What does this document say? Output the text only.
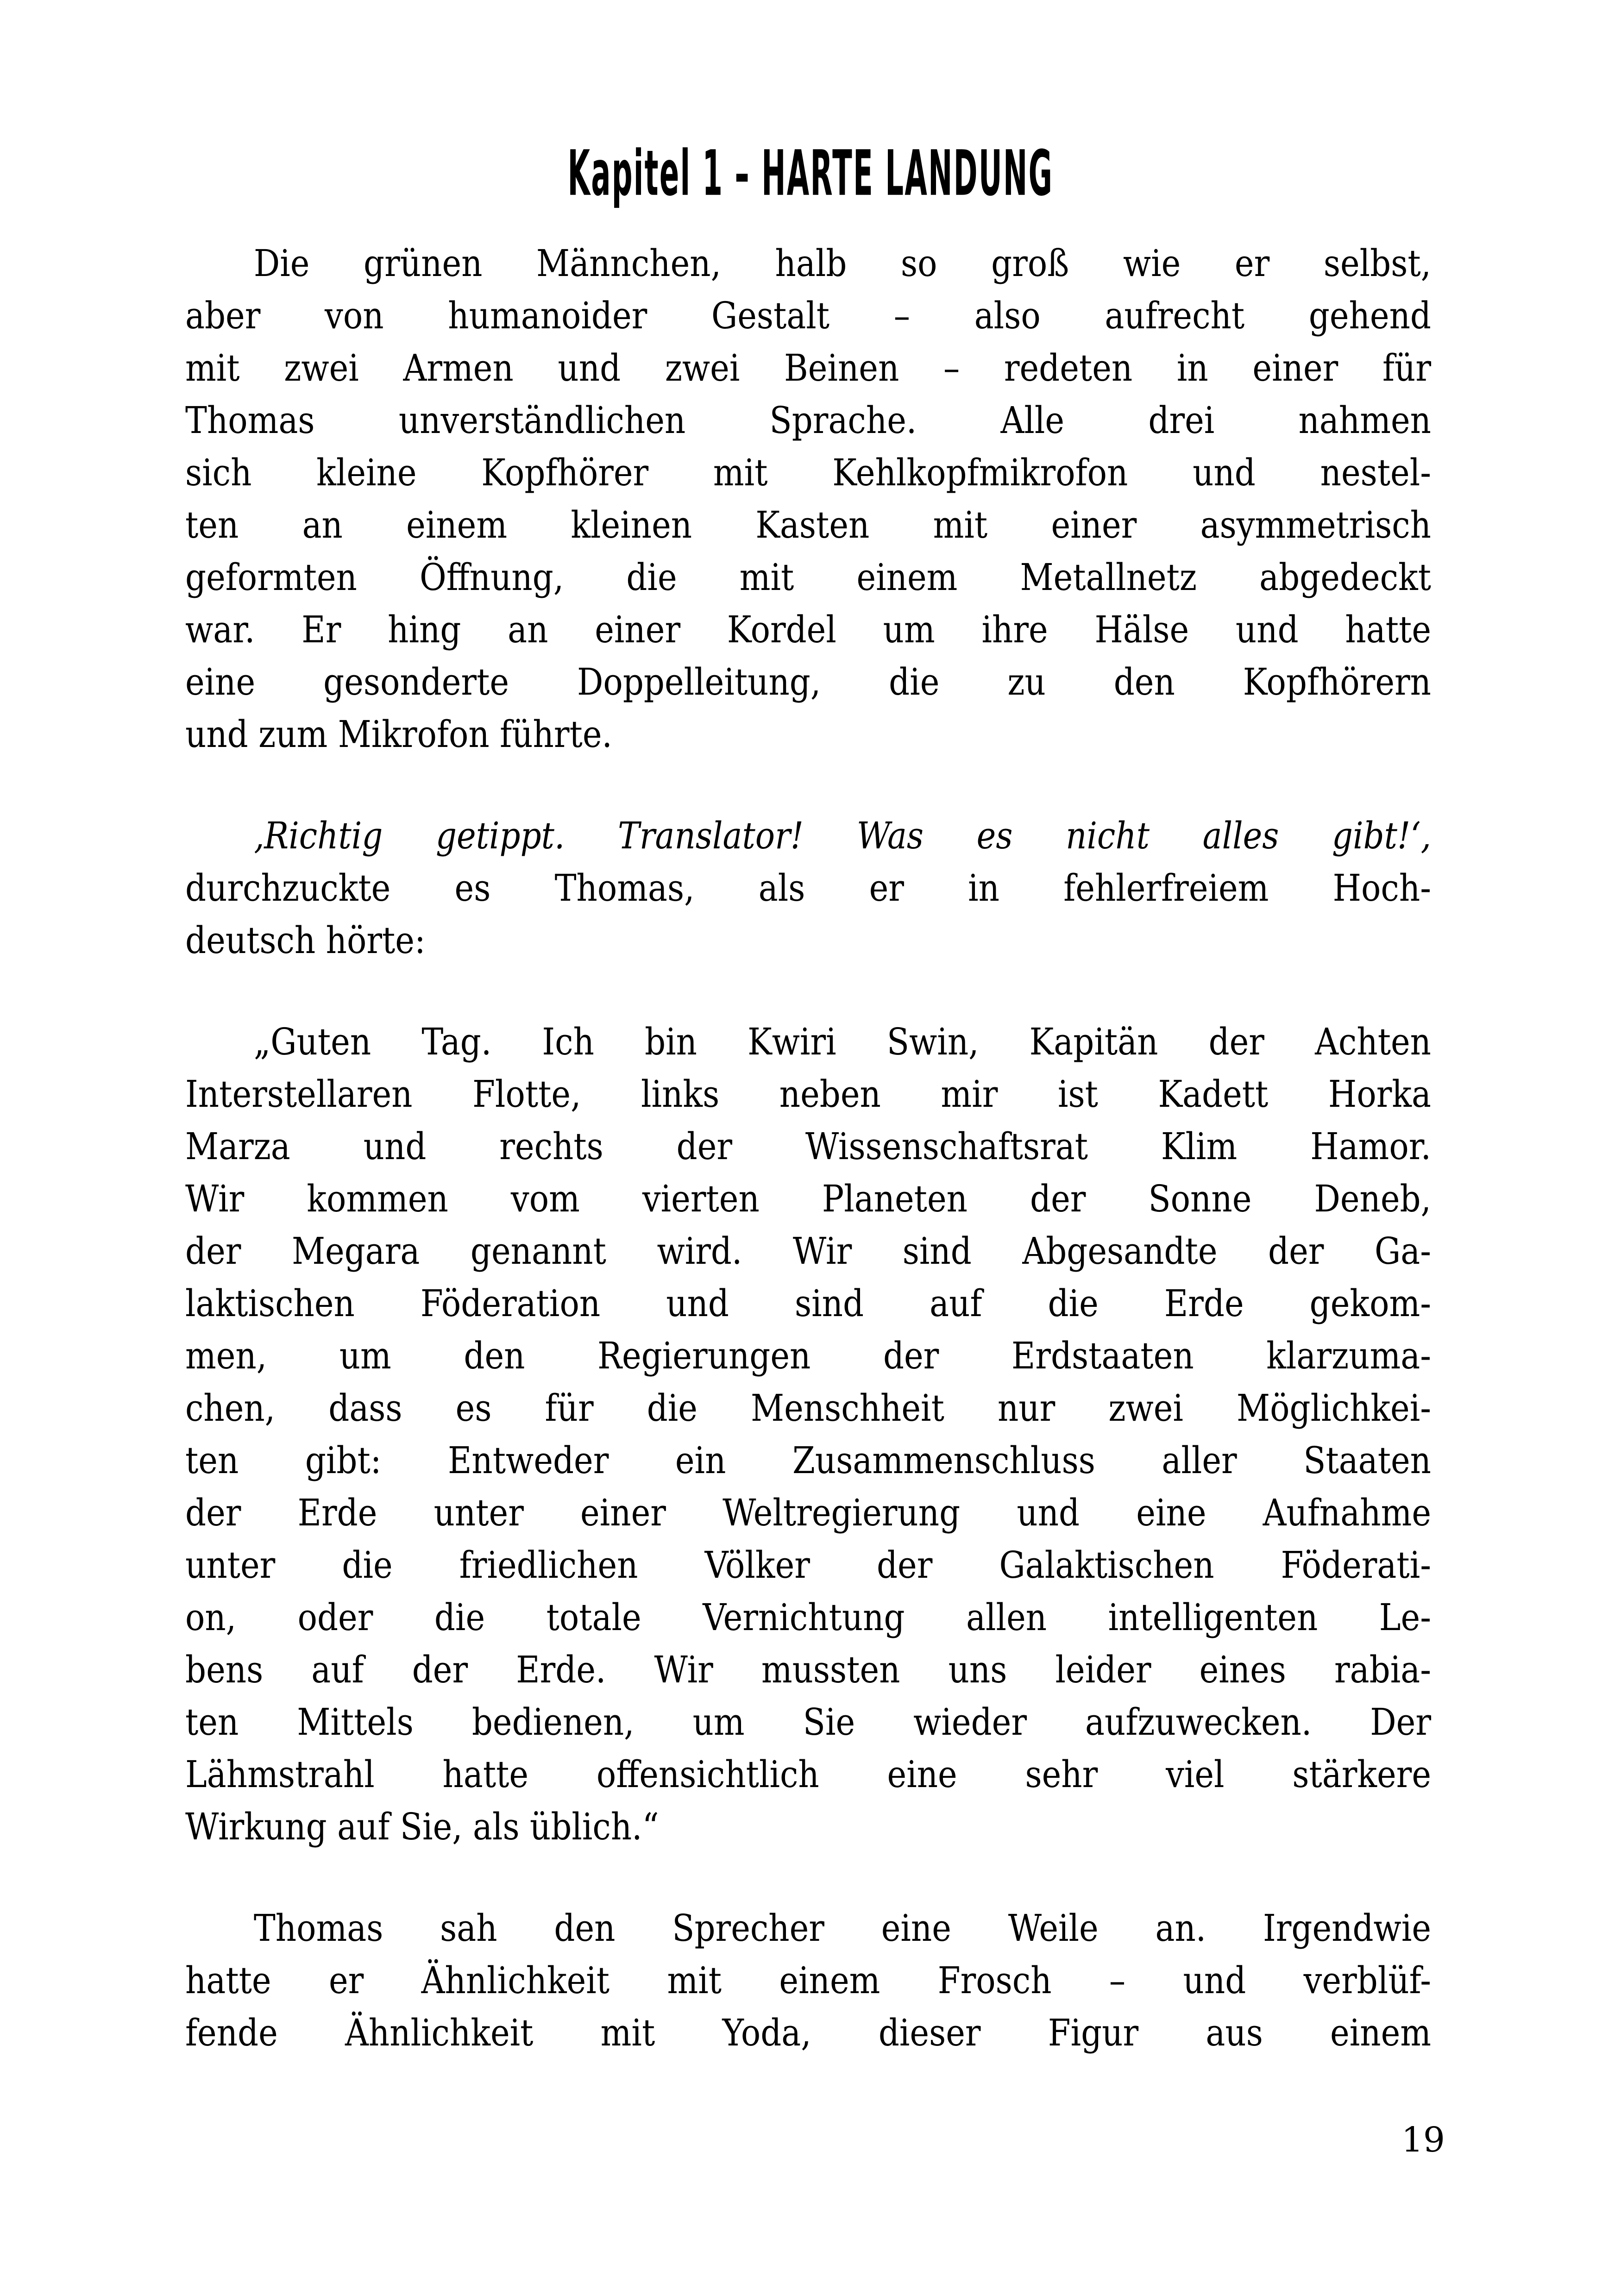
Kapitel 1 – HARTE LANDUNG

Die grünen Männchen, halb so groß wie er selbst,
aber von humanoider Gestalt – also aufrecht gehend
mit zwei Armen und zwei Beinen – redeten in einer für
Thomas unverständlichen Sprache. Alle drei nahmen
sich kleine Kopfhörer mit Kehlkopfmikrofon und nestel-
ten an einem kleinen Kasten mit einer asymmetrisch
geformten Öffnung, die mit einem Metallnetz abgedeckt
war. Er hing an einer Kordel um ihre Hälse und hatte
eine gesonderte Doppelleitung, die zu den Kopfhörern
und zum Mikrofon führte.

‚Richtig getippt. Translator! Was es nicht alles gibt!‘,
durchzuckte es Thomas, als er in fehlerfreiem Hoch-
deutsch hörte:

„Guten Tag. Ich bin Kwiri Swin, Kapitän der Achten
Interstellaren Flotte, links neben mir ist Kadett Horka
Marza und rechts der Wissenschaftsrat Klim Hamor.
Wir kommen vom vierten Planeten der Sonne Deneb,
der Megara genannt wird. Wir sind Abgesandte der Ga-
laktischen Föderation und sind auf die Erde gekom-
men, um den Regierungen der Erdstaaten klarzuma-
chen, dass es für die Menschheit nur zwei Möglichkei-
ten gibt: Entweder ein Zusammenschluss aller Staaten
der Erde unter einer Weltregierung und eine Aufnahme
unter die friedlichen Völker der Galaktischen Föderati-
on, oder die totale Vernichtung allen intelligenten Le-
bens auf der Erde. Wir mussten uns leider eines rabia-
ten Mittels bedienen, um Sie wieder aufzuwecken. Der
Lähmstrahl hatte offensichtlich eine sehr viel stärkere
Wirkung auf Sie, als üblich.“

Thomas sah den Sprecher eine Weile an. Irgendwie
hatte er Ähnlichkeit mit einem Frosch – und verblüf-
fende Ähnlichkeit mit Yoda, dieser Figur aus einem

19
